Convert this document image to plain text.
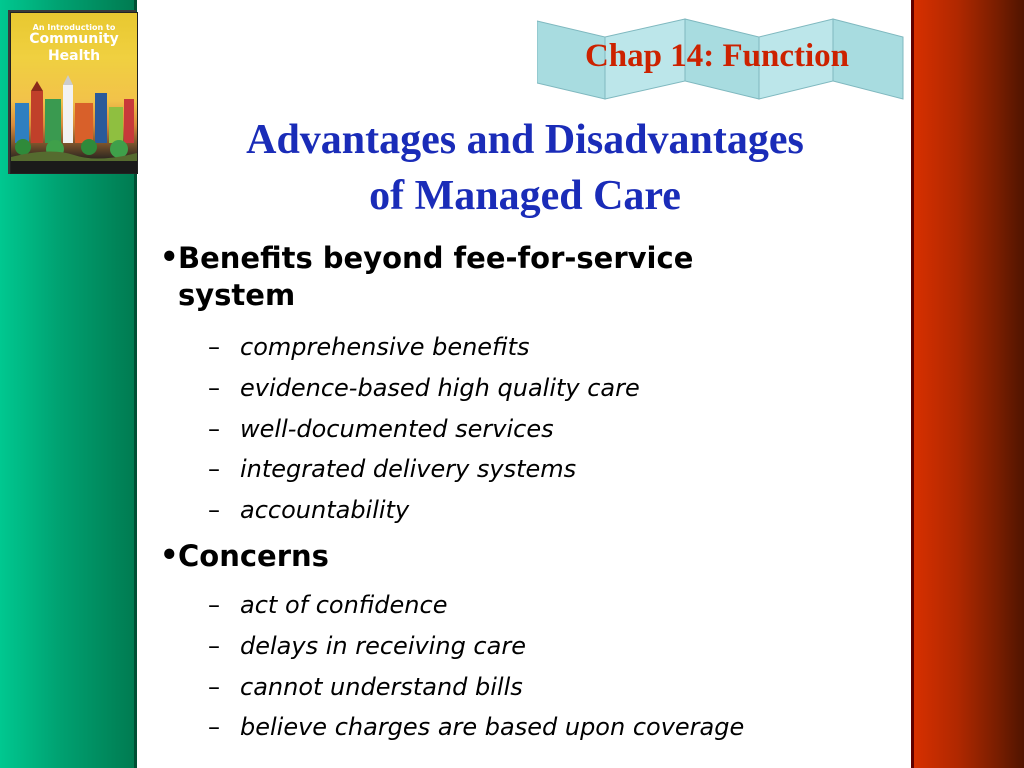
An Introduction to
Community
Health	Chap 14: Function
Advantages and Disadvantages
of Managed Care
• Benefits beyond fee-for-service system
– comprehensive benefits
– evidence-based high quality care
– well-documented services
– integrated delivery systems
– accountability
• Concerns
– act of confidence
– delays in receiving care
– cannot understand bills
– believe charges are based upon coverage
